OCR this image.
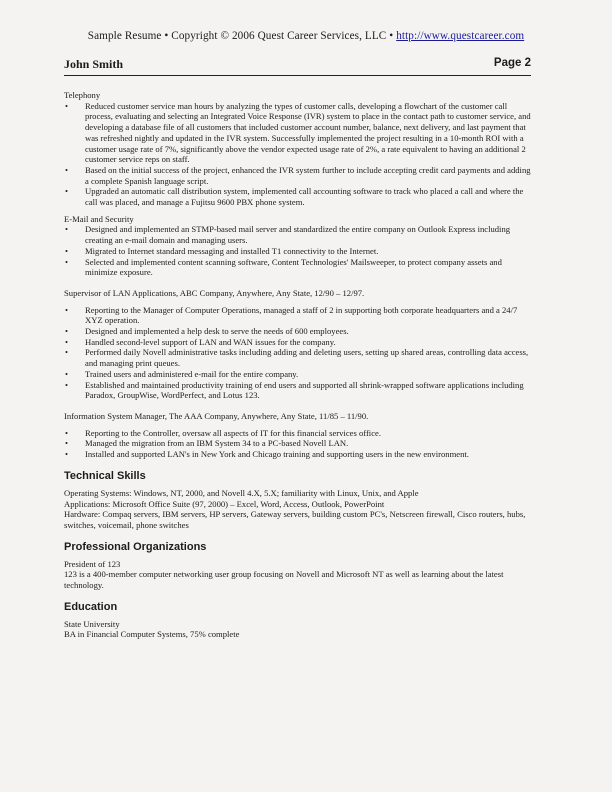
Sample Resume • Copyright © 2006 Quest Career Services, LLC • http://www.questcareer.com
John Smith	Page 2

Telephony

• Reduced customer service man hours by analyzing the types of customer calls, developing a flowchart of the customer call process, evaluating and selecting an Integrated Voice Response (IVR) system to place in the contact path to customer service, and developing a database file of all customers that included customer account number, balance, next delivery, and last payment that was refreshed nightly and updated in the IVR system. Successfully implemented the project resulting in a 10-month ROI with a customer usage rate of 7%, significantly above the vendor expected usage rate of 2%, a rate equivalent to having an additional 2 customer service reps on staff.
• Based on the initial success of the project, enhanced the IVR system further to include accepting credit card payments and adding a complete Spanish language script.
• Upgraded an automatic call distribution system, implemented call accounting software to track who placed a call and where the call was placed, and manage a Fujitsu 9600 PBX phone system.

E-Mail and Security

• Designed and implemented an STMP-based mail server and standardized the entire company on Outlook Express including creating an e-mail domain and managing users.
• Migrated to Internet standard messaging and installed T1 connectivity to the Internet.
• Selected and implemented content scanning software, Content Technologies' Mailsweeper, to protect company assets and minimize exposure.

Supervisor of LAN Applications, ABC Company, Anywhere, Any State, 12/90 – 12/97.

• Reporting to the Manager of Computer Operations, managed a staff of 2 in supporting both corporate headquarters and a 24/7 XYZ operation.
• Designed and implemented a help desk to serve the needs of 600 employees.
• Handled second-level support of LAN and WAN issues for the company.
• Performed daily Novell administrative tasks including adding and deleting users, setting up shared areas, controlling data access, and managing print queues.
• Trained users and administered e-mail for the entire company.
• Established and maintained productivity training of end users and supported all shrink-wrapped software applications including Paradox, GroupWise, WordPerfect, and Lotus 123.

Information System Manager, The AAA Company, Anywhere, Any State, 11/85 – 11/90.

• Reporting to the Controller, oversaw all aspects of IT for this financial services office.
• Managed the migration from an IBM System 34 to a PC-based Novell LAN.
• Installed and supported LAN's in New York and Chicago training and supporting users in the new environment.
Technical Skills

Operating Systems: Windows, NT, 2000, and Novell 4.X, 5.X; familiarity with Linux, Unix, and Apple

Applications: Microsoft Office Suite (97, 2000) – Excel, Word, Access, Outlook, PowerPoint

Hardware: Compaq servers, IBM servers, HP servers, Gateway servers, building custom PC's, Netscreen firewall, Cisco routers, hubs, switches, voicemail, phone switches

Professional Organizations

President of 123

123 is a 400-member computer networking user group focusing on Novell and Microsoft NT as well as learning about the latest technology.

Education

State University

BA in Financial Computer Systems, 75% complete
